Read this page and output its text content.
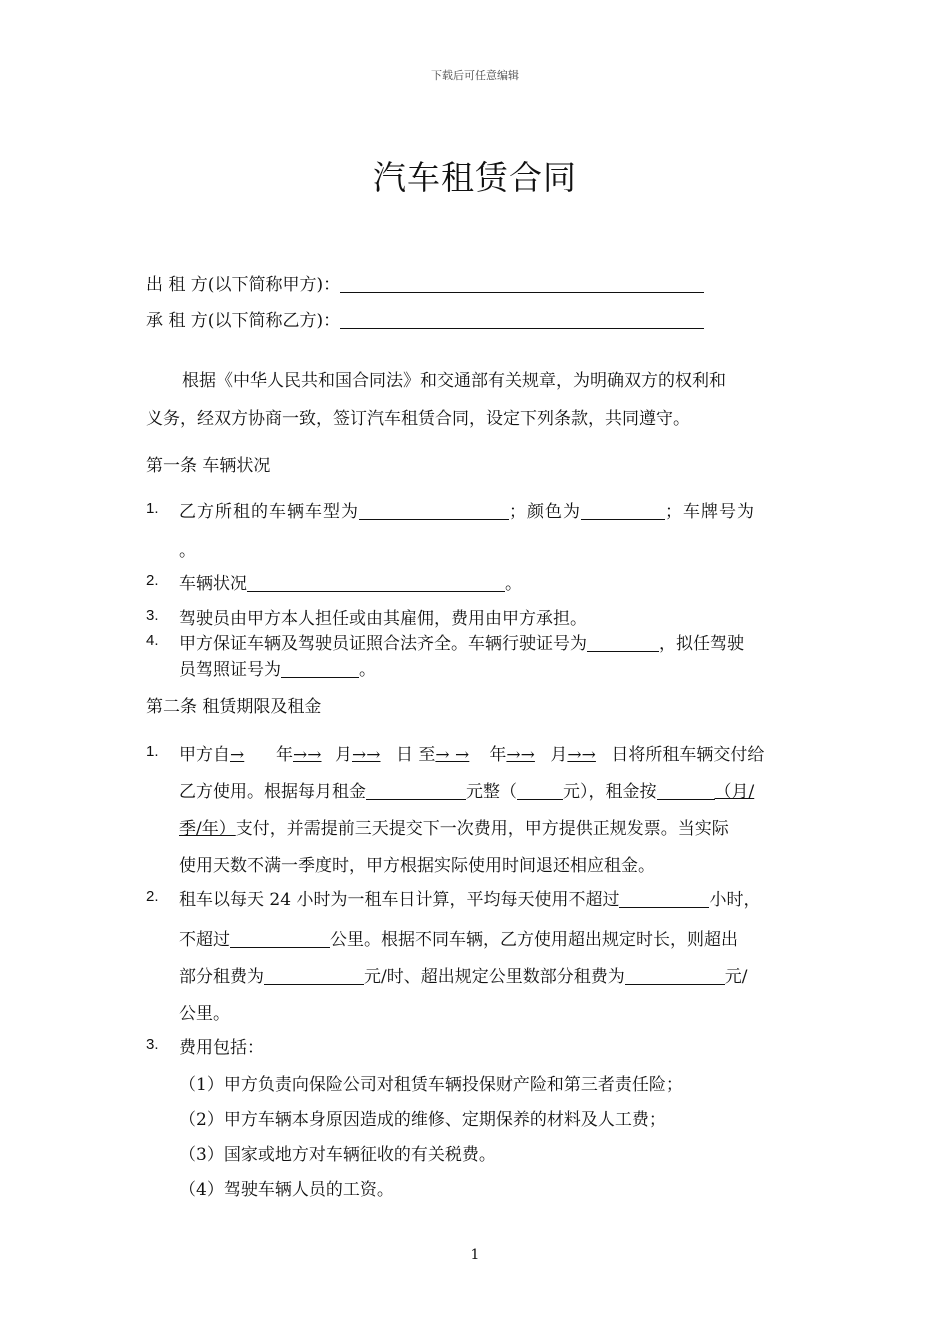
下载后可任意编辑
汽车租赁合同
出 租 方(以下简称甲方)：
承 租 方(以下简称乙方)：
根据《中华人民共和国合同法》和交通部有关规章，为明确双方的权利和
义务，经双方协商一致，签订汽车租赁合同，设定下列条款，共同遵守。
第一条 车辆状况
1. 乙方所租的车辆车型为	；颜色为	；车牌号为
。
2. 车辆状况	。
3. 驾驶员由甲方本人担任或由其雇佣，费用由甲方承担。
4. 甲方保证车辆及驾驶员证照合法齐全。车辆行驶证号为	，拟任驾驶
员驾照证号为	。
第二条 租赁期限及租金
1. 甲方自→ 年→→ 月→→ 日 至→ → 年→→ 月→→ 日将所租车辆交付给
乙方使用。根据每月租金	元整（	元），租金按	（月/
季/年）支付，并需提前三天提交下一次费用，甲方提供正规发票。当实际
使用天数不满一季度时，甲方根据实际使用时间退还相应租金。
2. 租车以每天 24 小时为一租车日计算，平均每天使用不超过	小时，
不超过	公里。根据不同车辆，乙方使用超出规定时长，则超出
部分租费为	元/时、超出规定公里数部分租费为	元/
公里。
3. 费用包括：
（1）甲方负责向保险公司对租赁车辆投保财产险和第三者责任险；
（2）甲方车辆本身原因造成的维修、定期保养的材料及人工费；
（3）国家或地方对车辆征收的有关税费。
（4）驾驶车辆人员的工资。
1
